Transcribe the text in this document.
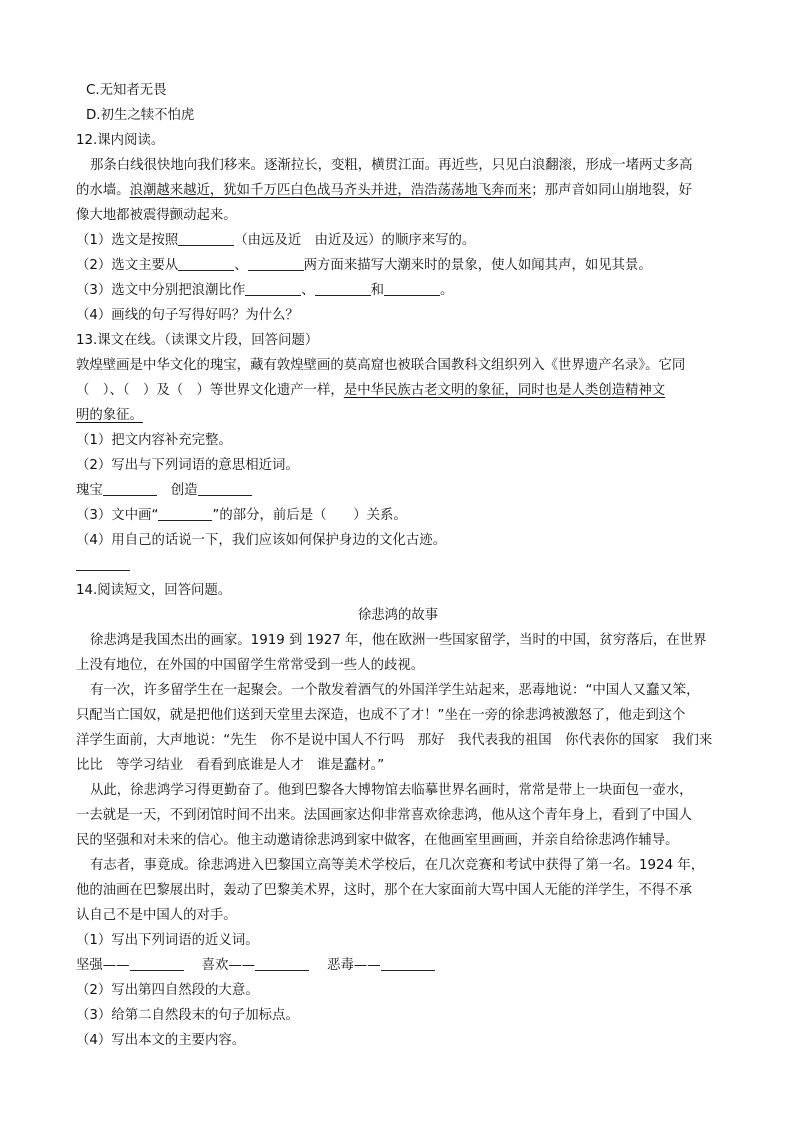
C.无知者无畏
D.初生之犊不怕虎
12.课内阅读。
那条白线很快地向我们移来。逐渐拉长，变粗，横贯江面。再近些，只见白浪翻滚，形成一堵两丈多高
的水墙。浪潮越来越近，犹如千万匹白色战马齐头并进，浩浩荡荡地飞奔而来；那声音如同山崩地裂，好
像大地都被震得颤动起来。
（1）选文是按照	（由远及近　由近及远）的顺序来写的。
（2）选文主要从	、	两方面来描写大潮来时的景象，使人如闻其声，如见其景。
（3）选文中分别把浪潮比作	、	和	。
（4）画线的句子写得好吗？为什么？
13.课文在线。（读课文片段，回答问题）
敦煌壁画是中华文化的瑰宝，藏有敦煌壁画的莫高窟也被联合国教科文组织列入《世界遗产名录》。它同
（　）、（　）及（　）等世界文化遗产一样，是中华民族古老文明的象征，同时也是人类创造精神文
明的象征。
（1）把文内容补充完整。
（2）写出与下列词语的意思相近词。
瑰宝	创造
（3）文中画“	”的部分，前后是（　　）关系。
（4）用自己的话说一下，我们应该如何保护身边的文化古迹。
14.阅读短文，回答问题。
徐悲鸿的故事
徐悲鸿是我国杰出的画家。1919 到 1927 年，他在欧洲一些国家留学，当时的中国，贫穷落后，在世界
上没有地位，在外国的中国留学生常常受到一些人的歧视。
有一次，许多留学生在一起聚会。一个散发着酒气的外国洋学生站起来，恶毒地说：“中国人又蠢又笨，
只配当亡国奴，就是把他们送到天堂里去深造，也成不了才！”坐在一旁的徐悲鸿被激怒了，他走到这个
洋学生面前，大声地说：“先生　你不是说中国人不行吗　那好　我代表我的祖国　你代表你的国家　我们来
比比　等学习结业　看看到底谁是人才　谁是蠢材。”
从此，徐悲鸿学习得更勤奋了。他到巴黎各大博物馆去临摹世界名画时，常常是带上一块面包一壶水，
一去就是一天，不到闭馆时间不出来。法国画家达仰非常喜欢徐悲鸿，他从这个青年身上，看到了中国人
民的坚强和对未来的信心。他主动邀请徐悲鸿到家中做客，在他画室里画画，并亲自给徐悲鸿作辅导。
有志者，事竟成。徐悲鸿进入巴黎国立高等美术学校后，在几次竞赛和考试中获得了第一名。1924 年，
他的油画在巴黎展出时，轰动了巴黎美术界，这时，那个在大家面前大骂中国人无能的洋学生，不得不承
认自己不是中国人的对手。
（1）写出下列词语的近义词。
坚强——	喜欢——	恶毒——
（2）写出第四自然段的大意。
（3）给第二自然段末的句子加标点。
（4）写出本文的主要内容。
